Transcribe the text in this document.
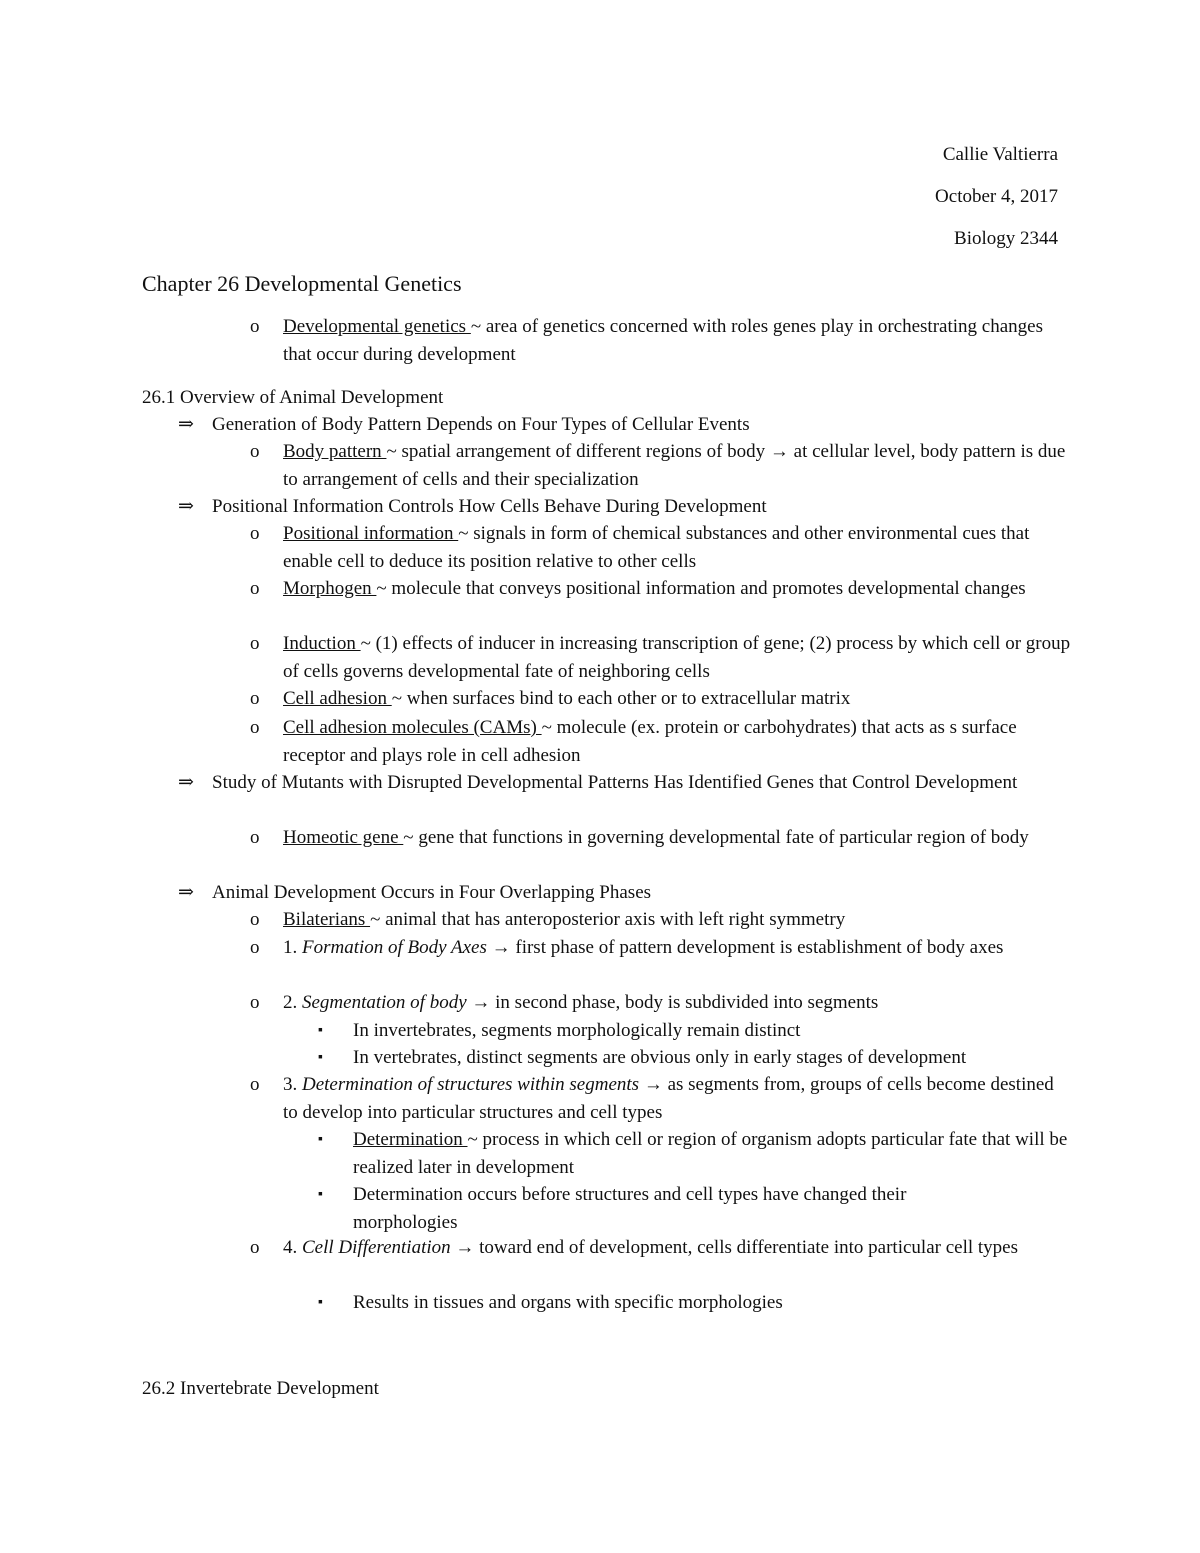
Callie Valtierra
October 4, 2017
Biology 2344
Chapter 26 Developmental Genetics
o	Developmental genetics ~ area of genetics concerned with roles genes play in orchestrating changes that occur during development
26.1 Overview of Animal Development
⇒ Generation of Body Pattern Depends on Four Types of Cellular Events
o	Body pattern ~ spatial arrangement of different regions of body → at cellular level, body pattern is due to arrangement of cells and their specialization
⇒ Positional Information Controls How Cells Behave During Development
o	Positional information ~ signals in form of chemical substances and other environmental cues that enable cell to deduce its position relative to other cells
o	Morphogen ~ molecule that conveys positional information and promotes developmental changes
o	Induction ~ (1) effects of inducer in increasing transcription of gene; (2) process by which cell or group of cells governs developmental fate of neighboring cells
o	Cell adhesion ~ when surfaces bind to each other or to extracellular matrix
o	Cell adhesion molecules (CAMs) ~ molecule (ex. protein or carbohydrates) that acts as s surface receptor and plays role in cell adhesion
⇒ Study of Mutants with Disrupted Developmental Patterns Has Identified Genes that Control Development
o	Homeotic gene ~ gene that functions in governing developmental fate of particular region of body
⇒ Animal Development Occurs in Four Overlapping Phases
o	Bilaterians ~ animal that has anteroposterior axis with left right symmetry
o	1. Formation of Body Axes → first phase of pattern development is establishment of body axes
o	2. Segmentation of body → in second phase, body is subdivided into segments
▪	In invertebrates, segments morphologically remain distinct
▪	In vertebrates, distinct segments are obvious only in early stages of development
o	3. Determination of structures within segments → as segments from, groups of cells become destined to develop into particular structures and cell types
▪	Determination ~ process in which cell or region of organism adopts particular fate that will be realized later in development
▪	Determination occurs before structures and cell types have changed their morphologies
o	4. Cell Differentiation → toward end of development, cells differentiate into particular cell types
▪	Results in tissues and organs with specific morphologies
26.2 Invertebrate Development
